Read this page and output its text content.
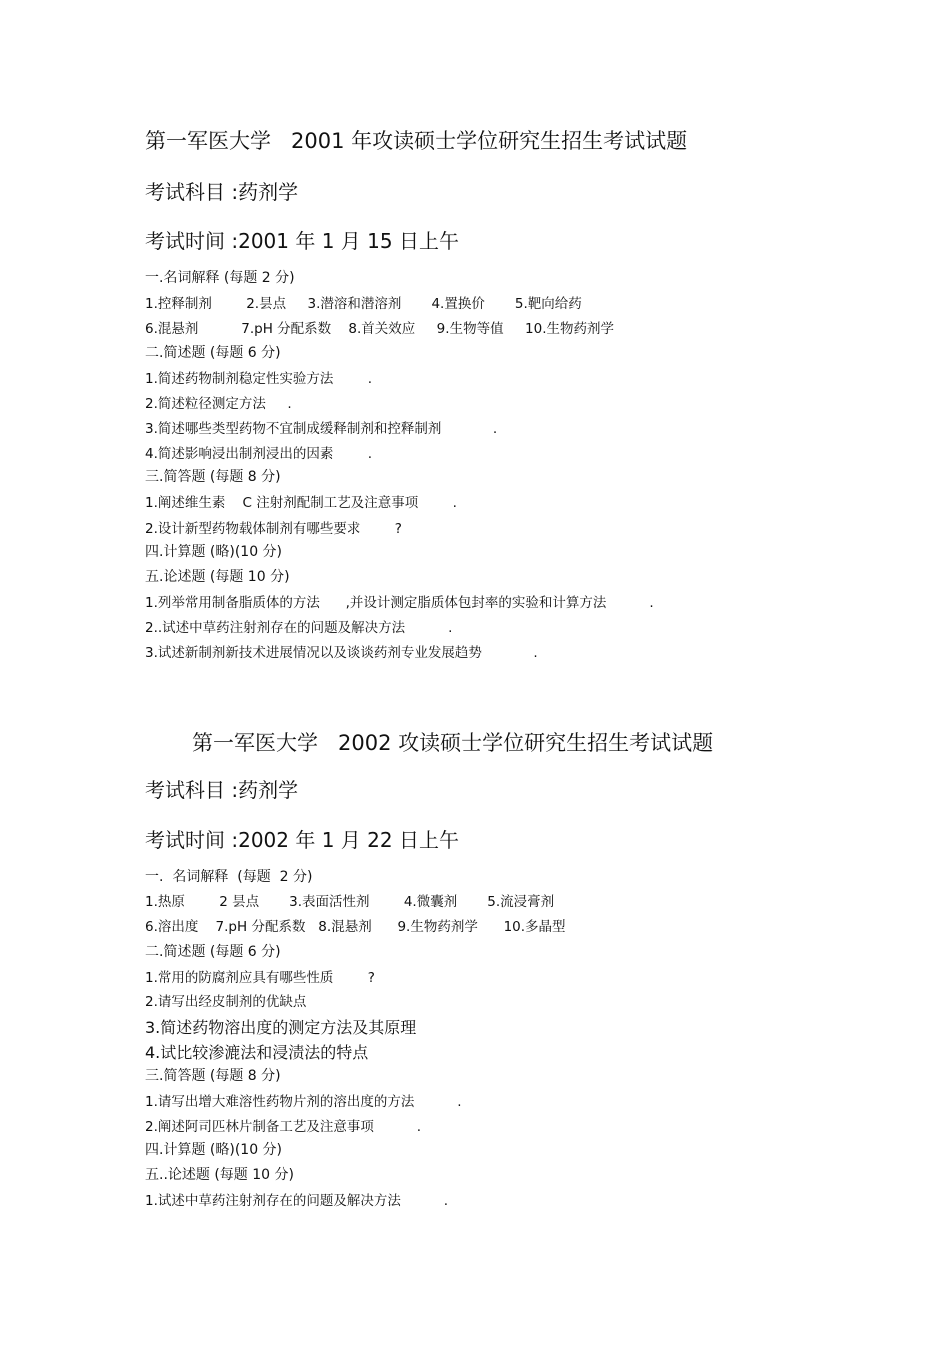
第一军医大学   2001 年攻读硕士学位研究生招生考试试题
考试科目 :药剂学
考试时间 :2001 年 1 月 15 日上午
一.名词解释 (每题 2 分)
1.控释制剂        2.昙点     3.潜溶和潜溶剂       4.置换价       5.靶向给药
6.混悬剂          7.pH 分配系数    8.首关效应     9.生物等值     10.生物药剂学
二.简述题 (每题 6 分)
1.简述药物制剂稳定性实验方法        .
2.简述粒径测定方法     .
3.简述哪些类型药物不宜制成缓释制剂和控释制剂            .
4.简述影响浸出制剂浸出的因素        .
三.简答题 (每题 8 分)
1.阐述维生素    C 注射剂配制工艺及注意事项        .
2.设计新型药物载体制剂有哪些要求        ?
四.计算题 (略)(10 分)
五.论述题 (每题 10 分)
1.列举常用制备脂质体的方法      ,并设计测定脂质体包封率的实验和计算方法          .
2..试述中草药注射剂存在的问题及解决方法          .
3.试述新制剂新技术进展情况以及谈谈药剂专业发展趋势            .
第一军医大学   2002 攻读硕士学位研究生招生考试试题
考试科目 :药剂学
考试时间 :2002 年 1 月 22 日上午
一.  名词解释  (每题  2 分)
1.热原        2 昙点       3.表面活性剂        4.微囊剂       5.流浸膏剂
6.溶出度    7.pH 分配系数   8.混悬剂      9.生物药剂学      10.多晶型
二.简述题 (每题 6 分)
1.常用的防腐剂应具有哪些性质        ?
2.请写出经皮制剂的优缺点
3.简述药物溶出度的测定方法及其原理
4.试比较渗漉法和浸渍法的特点
三.简答题 (每题 8 分)
1.请写出增大难溶性药物片剂的溶出度的方法          .
2.阐述阿司匹林片制备工艺及注意事项          .
四.计算题 (略)(10 分)
五..论述题 (每题 10 分)
1.试述中草药注射剂存在的问题及解决方法          .
